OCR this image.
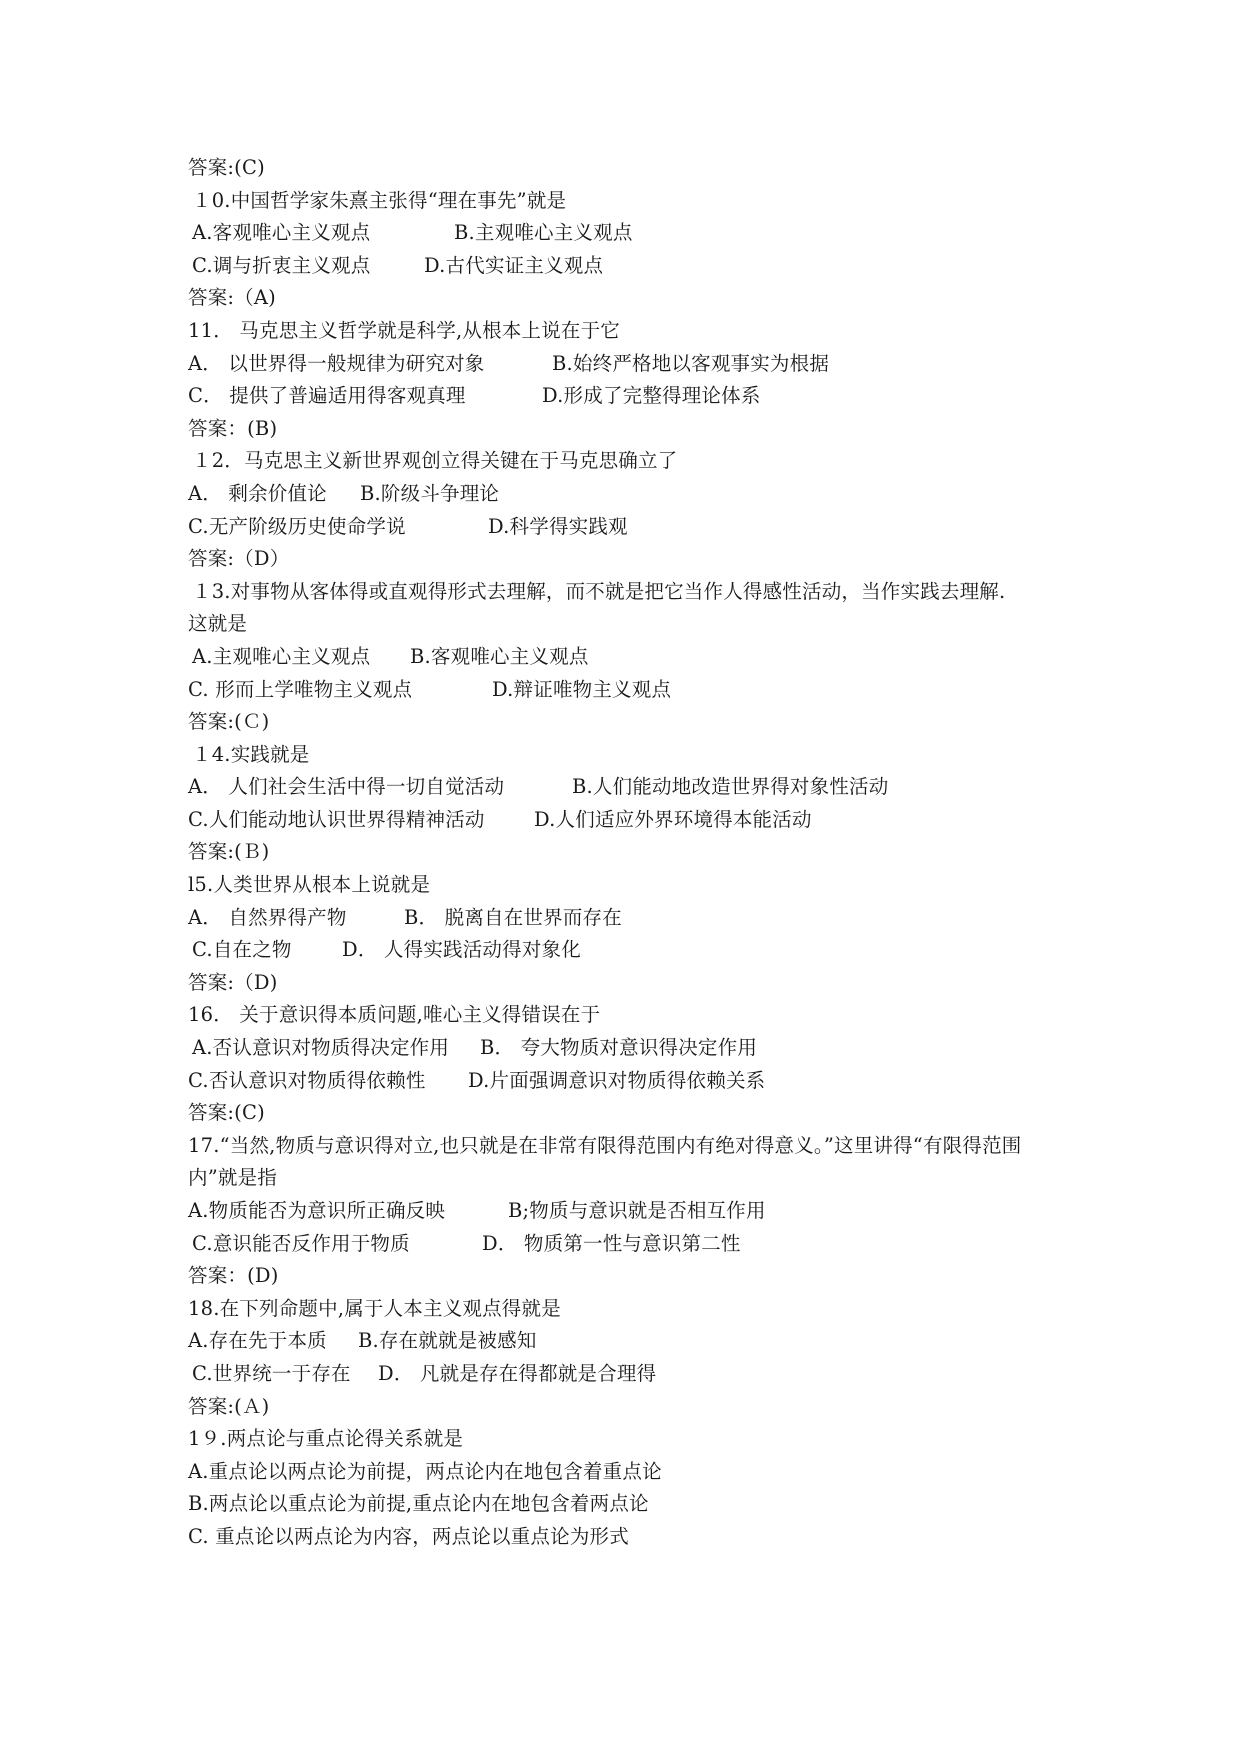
答案:(C)
１0.中国哲学家朱熹主张得“理在事先”就是
A.客观唯心主义观点	B.主观唯心主义观点
C.调与折衷主义观点	D.古代实证主义观点
答案:（A)
11． 马克思主义哲学就是科学,从根本上说在于它
A． 以世界得一般规律为研究对象	B.始终严格地以客观事实为根据
C． 提供了普遍适用得客观真理	D.形成了完整得理论体系
答案：(B)
１2．马克思主义新世界观创立得关键在于马克思确立了
A． 剩余价值论 B.阶级斗争理论
C.无产阶级历史使命学说	D.科学得实践观
答案:（D）
１3.对事物从客体得或直观得形式去理解，而不就是把它当作人得感性活动，当作实践去理解.
这就是
A.主观唯心主义观点 B.客观唯心主义观点
C. 形而上学唯物主义观点	D.辩证唯物主义观点
答案:(Ｃ)
１4.实践就是
A． 人们社会生活中得一切自觉活动	B.人们能动地改造世界得对象性活动
C.人们能动地认识世界得精神活动	D.人们适应外界环境得本能活动
答案:(Ｂ)
l5.人类世界从根本上说就是
A． 自然界得产物	B． 脱离自在世界而存在
C.自在之物	D． 人得实践活动得对象化
答案:（D)
16． 关于意识得本质问题,唯心主义得错误在于
A.否认意识对物质得决定作用 B． 夸大物质对意识得决定作用
C.否认意识对物质得依赖性 D.片面强调意识对物质得依赖关系
答案:(C)
17.“当然,物质与意识得对立,也只就是在非常有限得范围内有绝对得意义。”这里讲得“有限得范围内”就是指
A.物质能否为意识所正确反映	B;物质与意识就是否相互作用
C.意识能否反作用于物质	D． 物质第一性与意识第二性
答案：(D)
18.在下列命题中,属于人本主义观点得就是
A.存在先于本质 B.存在就就是被感知
C.世界统一于存在 D． 凡就是存在得都就是合理得
答案:(Ａ)
1９.两点论与重点论得关系就是
A.重点论以两点论为前提，两点论内在地包含着重点论
B.两点论以重点论为前提,重点论内在地包含着两点论
C. 重点论以两点论为内容，两点论以重点论为形式
